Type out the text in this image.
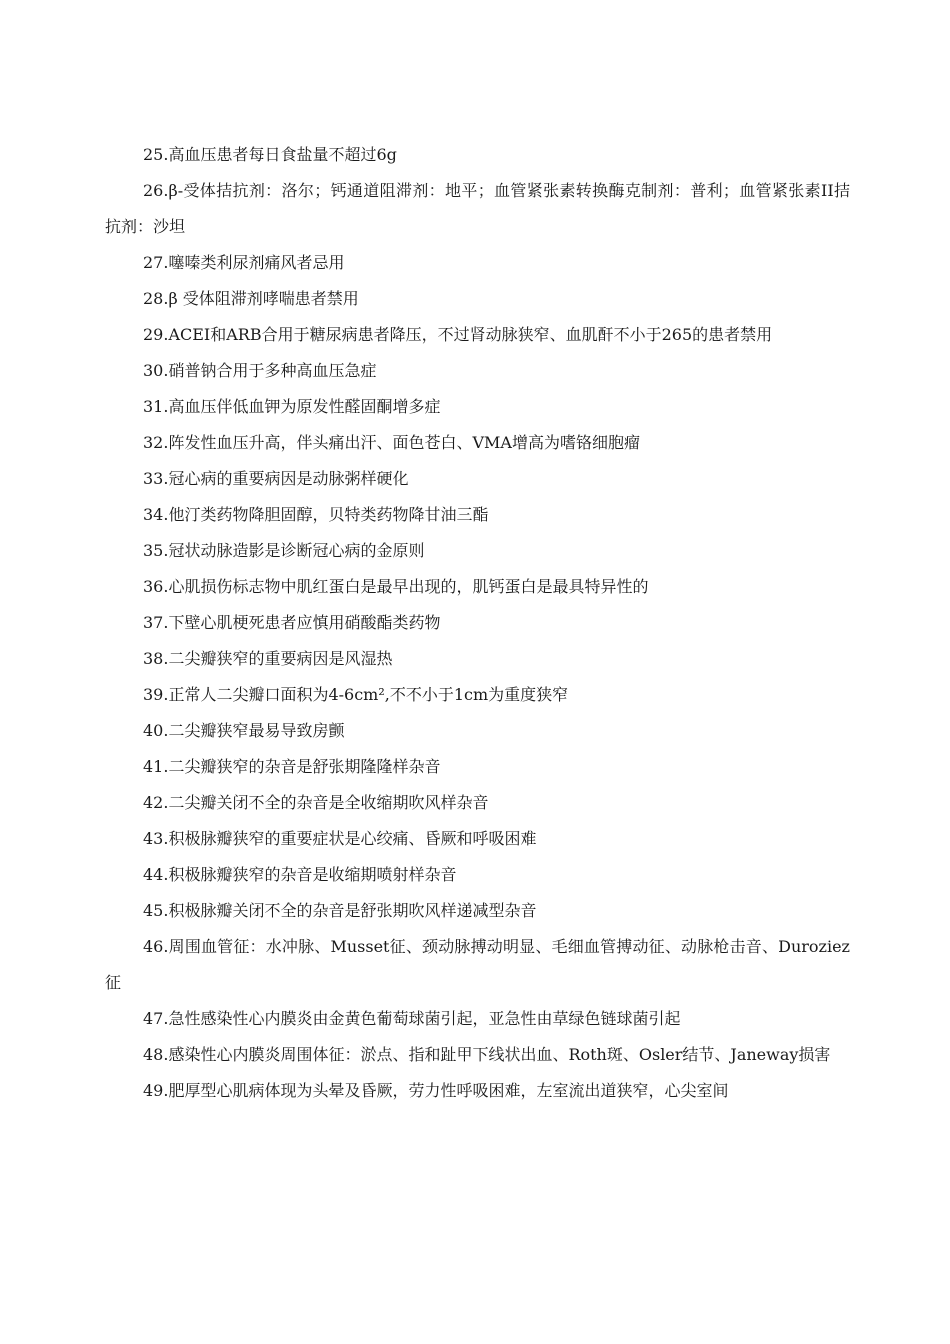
25.高血压患者每日食盐量不超过6g

26.β-受体拮抗剂：洛尔；钙通道阻滞剂：地平；血管紧张素转换酶克制剂：普利；血管紧张素II拮抗剂：沙坦

27.噻嗪类利尿剂痛风者忌用

28.β 受体阻滞剂哮喘患者禁用

29.ACEI和ARB合用于糖尿病患者降压，不过肾动脉狭窄、血肌酐不小于265的患者禁用

30.硝普钠合用于多种高血压急症

31.高血压伴低血钾为原发性醛固酮增多症

32.阵发性血压升高，伴头痛出汗、面色苍白、VMA增高为嗜铬细胞瘤

33.冠心病的重要病因是动脉粥样硬化

34.他汀类药物降胆固醇，贝特类药物降甘油三酯

35.冠状动脉造影是诊断冠心病的金原则

36.心肌损伤标志物中肌红蛋白是最早出现的，肌钙蛋白是最具特异性的

37.下壁心肌梗死患者应慎用硝酸酯类药物

38.二尖瓣狭窄的重要病因是风湿热

39.正常人二尖瓣口面积为4-6cm²,不不小于1cm为重度狭窄

40.二尖瓣狭窄最易导致房颤

41.二尖瓣狭窄的杂音是舒张期隆隆样杂音

42.二尖瓣关闭不全的杂音是全收缩期吹风样杂音

43.积极脉瓣狭窄的重要症状是心绞痛、昏厥和呼吸困难

44.积极脉瓣狭窄的杂音是收缩期喷射样杂音

45.积极脉瓣关闭不全的杂音是舒张期吹风样递减型杂音

46.周围血管征：水冲脉、Musset征、颈动脉搏动明显、毛细血管搏动征、动脉枪击音、Duroziez征

47.急性感染性心内膜炎由金黄色葡萄球菌引起，亚急性由草绿色链球菌引起

48.感染性心内膜炎周围体征：淤点、指和趾甲下线状出血、Roth斑、Osler结节、Janeway损害

49.肥厚型心肌病体现为头晕及昏厥，劳力性呼吸困难，左室流出道狭窄，心尖室间
